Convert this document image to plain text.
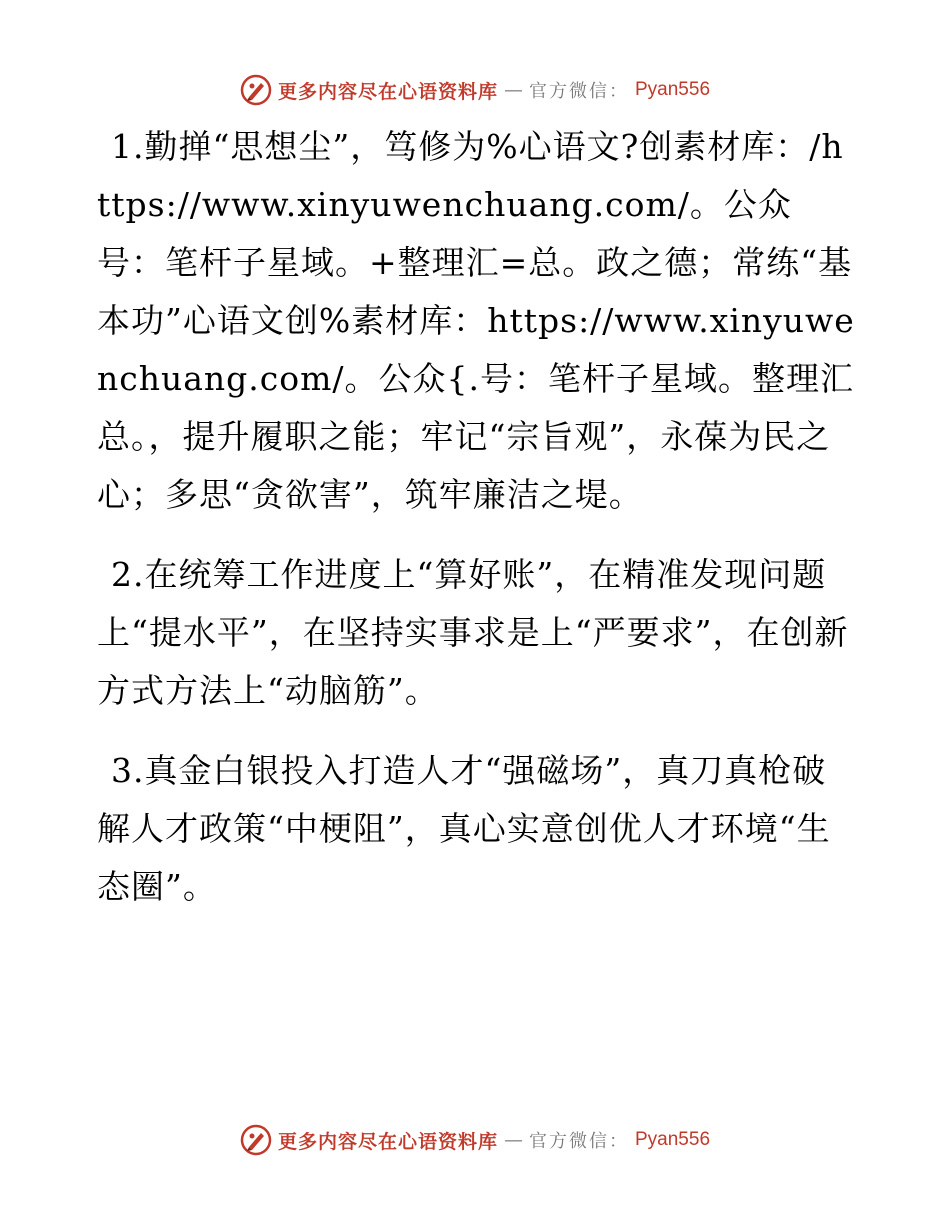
更多内容尽在心语资料库 — 官方微信： Pyan556

1.勤掸“思想尘”，笃修为%心语文?创素材库：/https://www.xinyuwenchuang.com/。公众号：笔杆子星域。+整理汇=总。政之德；常练“基本功”心语文创%素材库：https://www.xinyuwenchuang.com/。公众{.号：笔杆子星域。整理汇总。，提升履职之能；牢记“宗旨观”，永葆为民之心；多思“贪欲害”，筑牢廉洁之堤。

2.在统筹工作进度上“算好账”，在精准发现问题上“提水平”，在坚持实事求是上“严要求”，在创新方式方法上“动脑筋”。

3.真金白银投入打造人才“强磁场”，真刀真枪破解人才政策“中梗阻”，真心实意创优人才环境“生态圈”。

更多内容尽在心语资料库 — 官方微信： Pyan556
